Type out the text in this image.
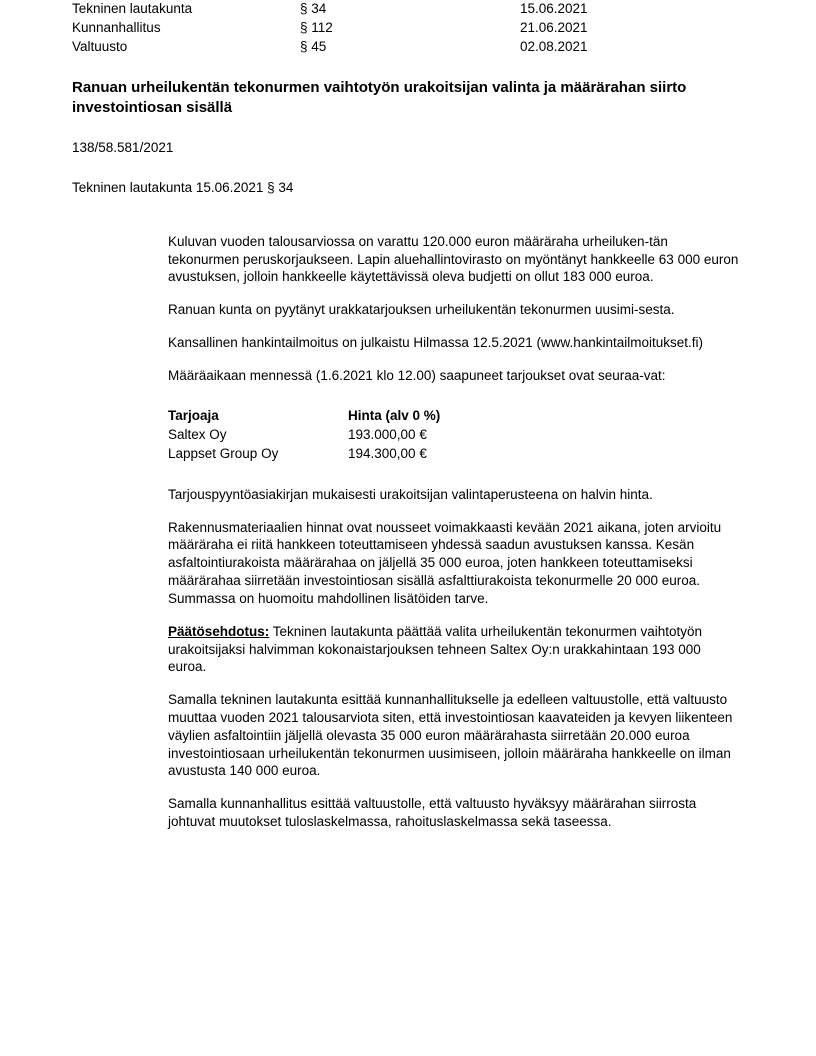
Tekninen lautakunta	§ 34	15.06.2021
Kunnanhallitus	§ 112	21.06.2021
Valtuusto	§ 45	02.08.2021
Ranuan urheilukentän tekonurmen vaihtotyön urakoitsijan valinta ja määrärahan siirto investointiosan sisällä

138/58.581/2021

Tekninen lautakunta 15.06.2021 § 34

Kuluvan vuoden talousarviossa on varattu 120.000 euron määräraha urheiluken-tän tekonurmen peruskorjaukseen. Lapin aluehallintovirasto on myöntänyt hankkeelle 63 000 euron avustuksen, jolloin hankkeelle käytettävissä oleva budjetti on ollut 183 000 euroa.

Ranuan kunta on pyytänyt urakkatarjouksen urheilukentän tekonurmen uusimi-sesta.

Kansallinen hankintailmoitus on julkaistu Hilmassa 12.5.2021 (www.hankintailmoitukset.fi)

Määräaikaan mennessä (1.6.2021 klo 12.00) saapuneet tarjoukset ovat seuraa-vat:

Tarjoaja	Hinta (alv 0 %)
Saltex Oy	193.000,00 €
Lappset Group Oy	194.300,00 €

Tarjouspyyntöasiakirjan mukaisesti urakoitsijan valintaperusteena on halvin hinta.

Rakennusmateriaalien hinnat ovat nousseet voimakkaasti kevään 2021 aikana, joten arvioitu määräraha ei riitä hankkeen toteuttamiseen yhdessä saadun avustuksen kanssa. Kesän asfaltointiurakoista määrärahaa on jäljellä 35 000 euroa, joten hankkeen toteuttamiseksi määrärahaa siirretään investointiosan sisällä asfalttiurakoista tekonurmelle 20 000 euroa. Summassa on huomoitu mahdollinen lisätöiden tarve.

Päätösehdotus: Tekninen lautakunta päättää valita urheilukentän tekonurmen vaihtotyön urakoitsijaksi halvimman kokonaistarjouksen tehneen Saltex Oy:n urakkahintaan 193 000 euroa.

Samalla tekninen lautakunta esittää kunnanhallitukselle ja edelleen valtuustolle, että valtuusto muuttaa vuoden 2021 talousarviota siten, että investointiosan kaavateiden ja kevyen liikenteen väylien asfaltointiin jäljellä olevasta 35 000 euron määrärahasta siirretään 20.000 euroa investointiosaan urheilukentän tekonurmen uusimiseen, jolloin määräraha hankkeelle on ilman avustusta 140 000 euroa.

Samalla kunnanhallitus esittää valtuustolle, että valtuusto hyväksyy määrärahan siirrosta johtuvat muutokset tuloslaskelmassa, rahoituslaskelmassa sekä taseessa.
